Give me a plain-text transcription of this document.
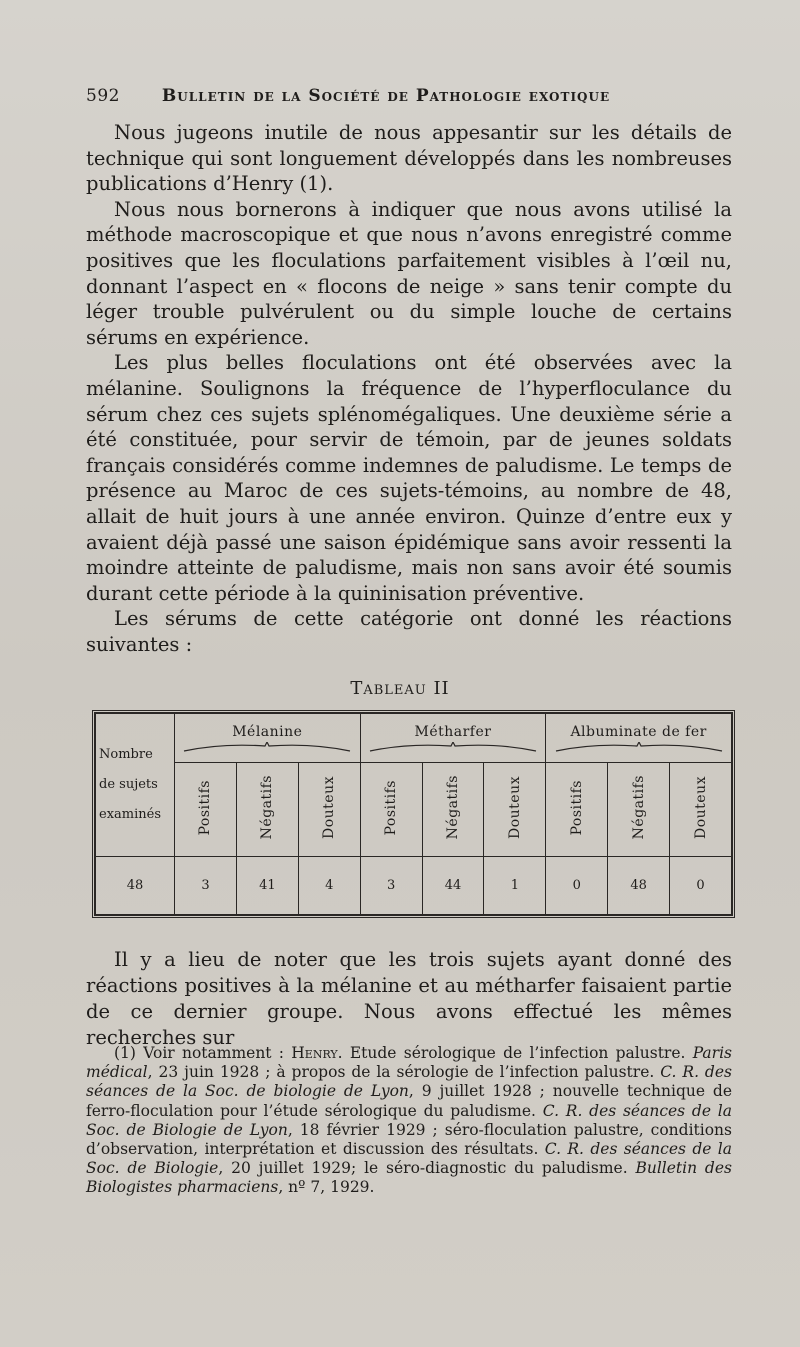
592 Bulletin de la Société de Pathologie exotique

Nous jugeons inutile de nous appesantir sur les détails de technique qui sont longuement développés dans les nombreuses publications d’Henry (1).

Nous nous bornerons à indiquer que nous avons utilisé la méthode macroscopique et que nous n’avons enregistré comme positives que les floculations parfaitement visibles à l’œil nu, donnant l’aspect en « flocons de neige » sans tenir compte du léger trouble pulvérulent ou du simple louche de certains sérums en expérience.

Les plus belles floculations ont été observées avec la mélanine. Soulignons la fréquence de l’hyperfloculance du sérum chez ces sujets splénomégaliques. Une deuxième série a été constituée, pour servir de témoin, par de jeunes soldats français considérés comme indemnes de paludisme. Le temps de présence au Maroc de ces sujets-témoins, au nombre de 48, allait de huit jours à une année environ. Quinze d’entre eux y avaient déjà passé une saison épidémique sans avoir ressenti la moindre atteinte de paludisme, mais non sans avoir été soumis durant cette période à la quininisation préventive.

Les sérums de cette catégorie ont donné les réactions suivantes :

Tableau II
Nombre
de sujets
examinés	Mélanine			Métharfer			Albuminate de fer		

	Positifs	Négatifs	Douteux	Positifs	Négatifs	Douteux	Positifs	Négatifs	Douteux
48	3	41	4	3	44	1	0	48	0

Il y a lieu de noter que les trois sujets ayant donné des réactions positives à la mélanine et au métharfer faisaient partie de ce dernier groupe. Nous avons effectué les mêmes recherches sur

(1) Voir notamment : Henry. Etude sérologique de l’infection palustre. Paris médical, 23 juin 1928 ; à propos de la sérologie de l’infection palustre. C. R. des séances de la Soc. de biologie de Lyon, 9 juillet 1928 ; nouvelle technique de ferro-floculation pour l’étude sérologique du paludisme. C. R. des séances de la Soc. de Biologie de Lyon, 18 février 1929 ; séro-floculation palustre, conditions d’observation, interprétation et discussion des résultats. C. R. des séances de la Soc. de Biologie, 20 juillet 1929; le séro-diagnostic du paludisme. Bulletin des Biologistes pharmaciens, nº 7, 1929.
